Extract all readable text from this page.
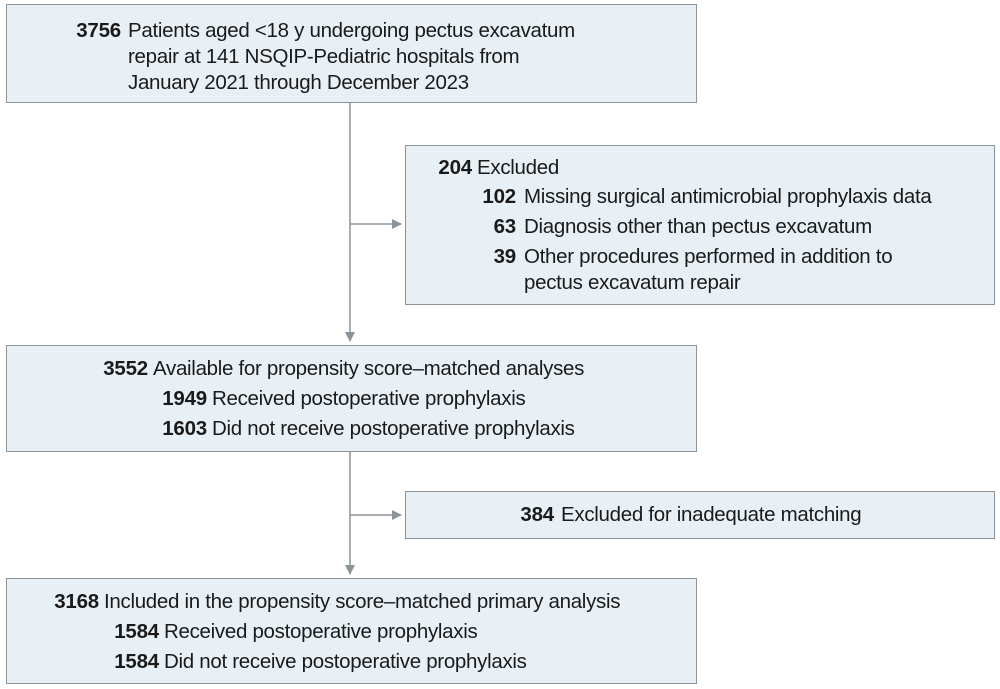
3756 Patients aged <18 y undergoing pectus excavatum
repair at 141 NSQIP-Pediatric hospitals from
January 2021 through December 2023
204 Excluded
102 Missing surgical antimicrobial prophylaxis data
63 Diagnosis other than pectus excavatum
39 Other procedures performed in addition to
pectus excavatum repair
3552 Available for propensity score–matched analyses
1949 Received postoperative prophylaxis
1603 Did not receive postoperative prophylaxis
384 Excluded for inadequate matching
3168 Included in the propensity score–matched primary analysis
1584 Received postoperative prophylaxis
1584 Did not receive postoperative prophylaxis
